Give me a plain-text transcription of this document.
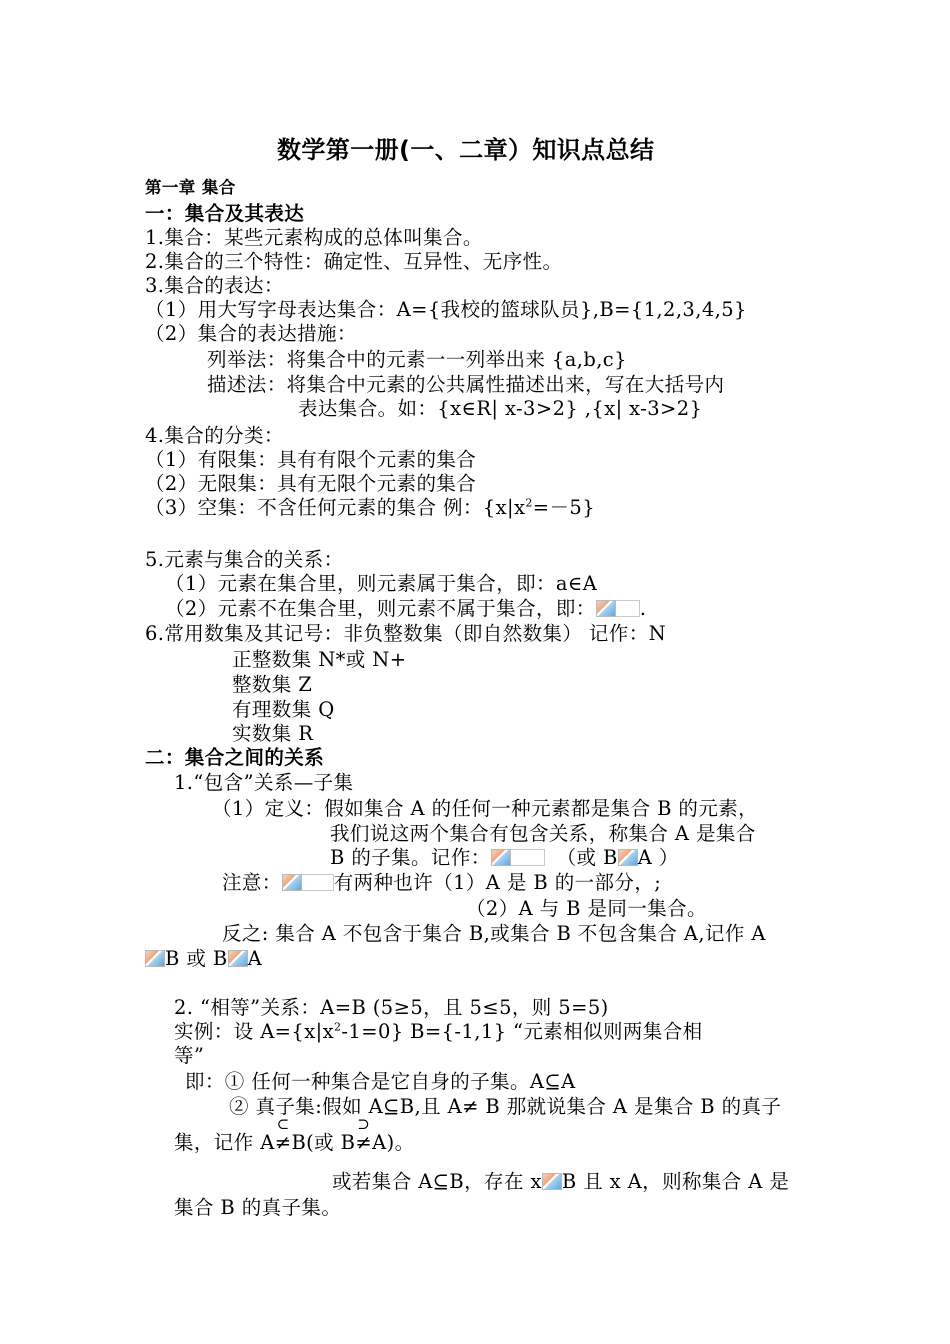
数学第一册(一、二章）知识点总结
第一章 集合
一：集合及其表达
1.集合：某些元素构成的总体叫集合。
2.集合的三个特性：确定性、互异性、无序性。
3.集合的表达：
（1）用大写字母表达集合：A={我校的篮球队员},B={1,2,3,4,5}
（2）集合的表达措施：
列举法：将集合中的元素一一列举出来 {a,b,c}
描述法：将集合中元素的公共属性描述出来，写在大括号内
表达集合。如：{x∈R| x-3>2} ,{x| x-3>2}
4.集合的分类：
（1）有限集：具有有限个元素的集合
（2）无限集：具有无限个元素的集合
（3）空集：不含任何元素的集合 例：$\{x|x^2=-5\}$
5.元素与集合的关系：
（1）元素在集合里，则元素属于集合，即：a∈A
（2）元素不在集合里，则元素不属于集合，即： .
6.常用数集及其记号：非负整数集（即自然数集） 记作：N
正整数集 N*或 N+
整数集 Z
有理数集 Q
实数集 R
二：集合之间的关系
1.“包含”关系—子集
（1）定义：假如集合 A 的任何一种元素都是集合 B 的元素，
我们说这两个集合有包含关系，称集合 A 是集合
B 的子集。记作：	（或 B A ）
注意：	有两种也许（1）A 是 B 的一部分，;
（2）A 与 B 是同一集合。
反之: 集合 A 不包含于集合 B,或集合 B 不包含集合 A,记作 A
B 或 B A
2. “相等”关系：A=B (5≥5，且 5≤5，则 5=5)
实例：设 $A=\{x|x^2-1=0\}$ B={-1,1} “元素相似则两集合相
等”
即：① 任何一种集合是它自身的子集。A⊆A
② 真子集:假如 A⊆B,且 A≠ B 那就说集合 A 是集合 B 的真子
集，记作 A
⊂
≠B(或 B
⊃
≠A)。
或若集合 A⊆B，存在 x B 且 x A，则称集合 A 是
集合 B 的真子集。
